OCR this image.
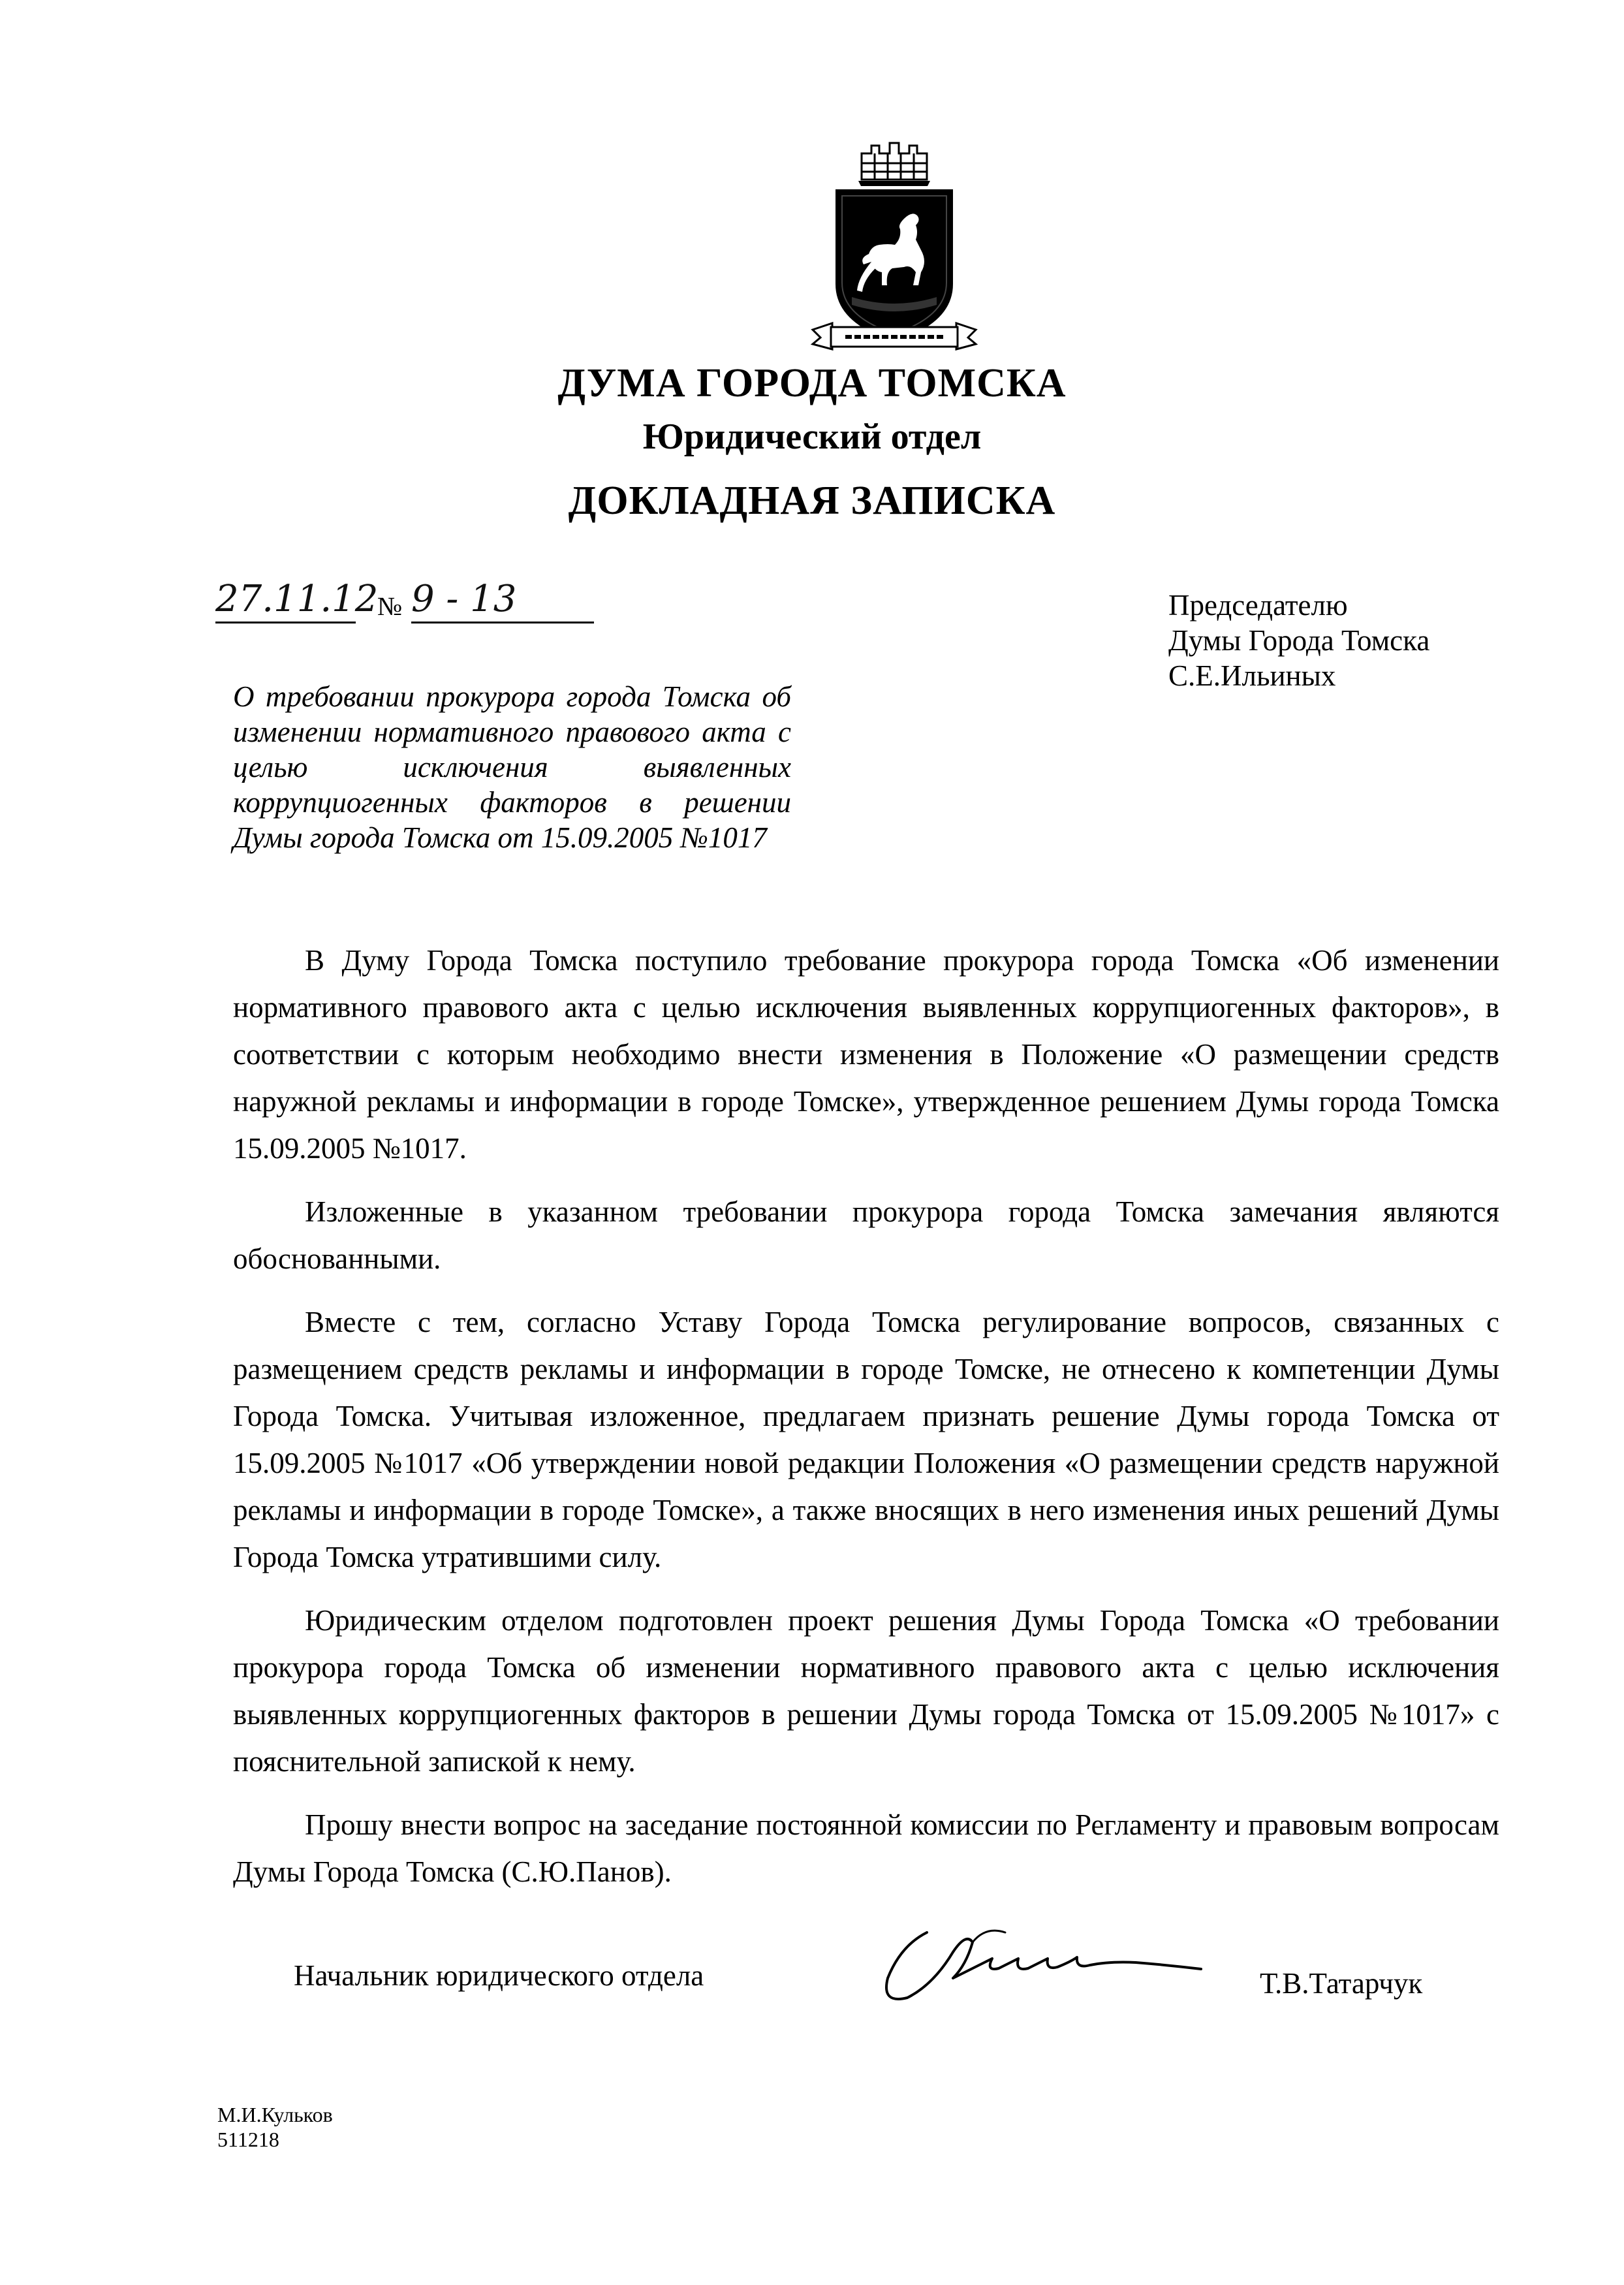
ДУМА ГОРОДА ТОМСКА
Юридический отдел
ДОКЛАДНАЯ ЗАПИСКА
27.11.12
№ 9 - 13	Председателю
Думы Города Томска
С.Е.Ильиных
О требовании прокурора города Томска об изменении нормативного правового акта с целью исключения выявленных коррупциогенных факторов в решении Думы города Томска от 15.09.2005 №1017

В Думу Города Томска поступило требование прокурора города Томска «Об изменении нормативного правового акта с целью исключения выявленных коррупциогенных факторов», в соответствии с которым необходимо внести изменения в Положение «О размещении средств наружной рекламы и информации в городе Томске», утвержденное решением Думы города Томска 15.09.2005 №1017.

Изложенные в указанном требовании прокурора города Томска замечания являются обоснованными.

Вместе с тем, согласно Уставу Города Томска регулирование вопросов, связанных с размещением средств рекламы и информации в городе Томске, не отнесено к компетенции Думы Города Томска. Учитывая изложенное, предлагаем признать решение Думы города Томска от 15.09.2005 №1017 «Об утверждении новой редакции Положения «О размещении средств наружной рекламы и информации в городе Томске», а также вносящих в него изменения иных решений Думы Города Томска утратившими силу.

Юридическим отделом подготовлен проект решения Думы Города Томска «О требовании прокурора города Томска об изменении нормативного правового акта с целью исключения выявленных коррупциогенных факторов в решении Думы города Томска от 15.09.2005 №1017» с пояснительной запиской к нему.

Прошу внести вопрос на заседание постоянной комиссии по Регламенту и правовым вопросам Думы Города Томска (С.Ю.Панов).

Начальник юридического отдела	Т.В.Татарчук
М.И.Кульков
511218
